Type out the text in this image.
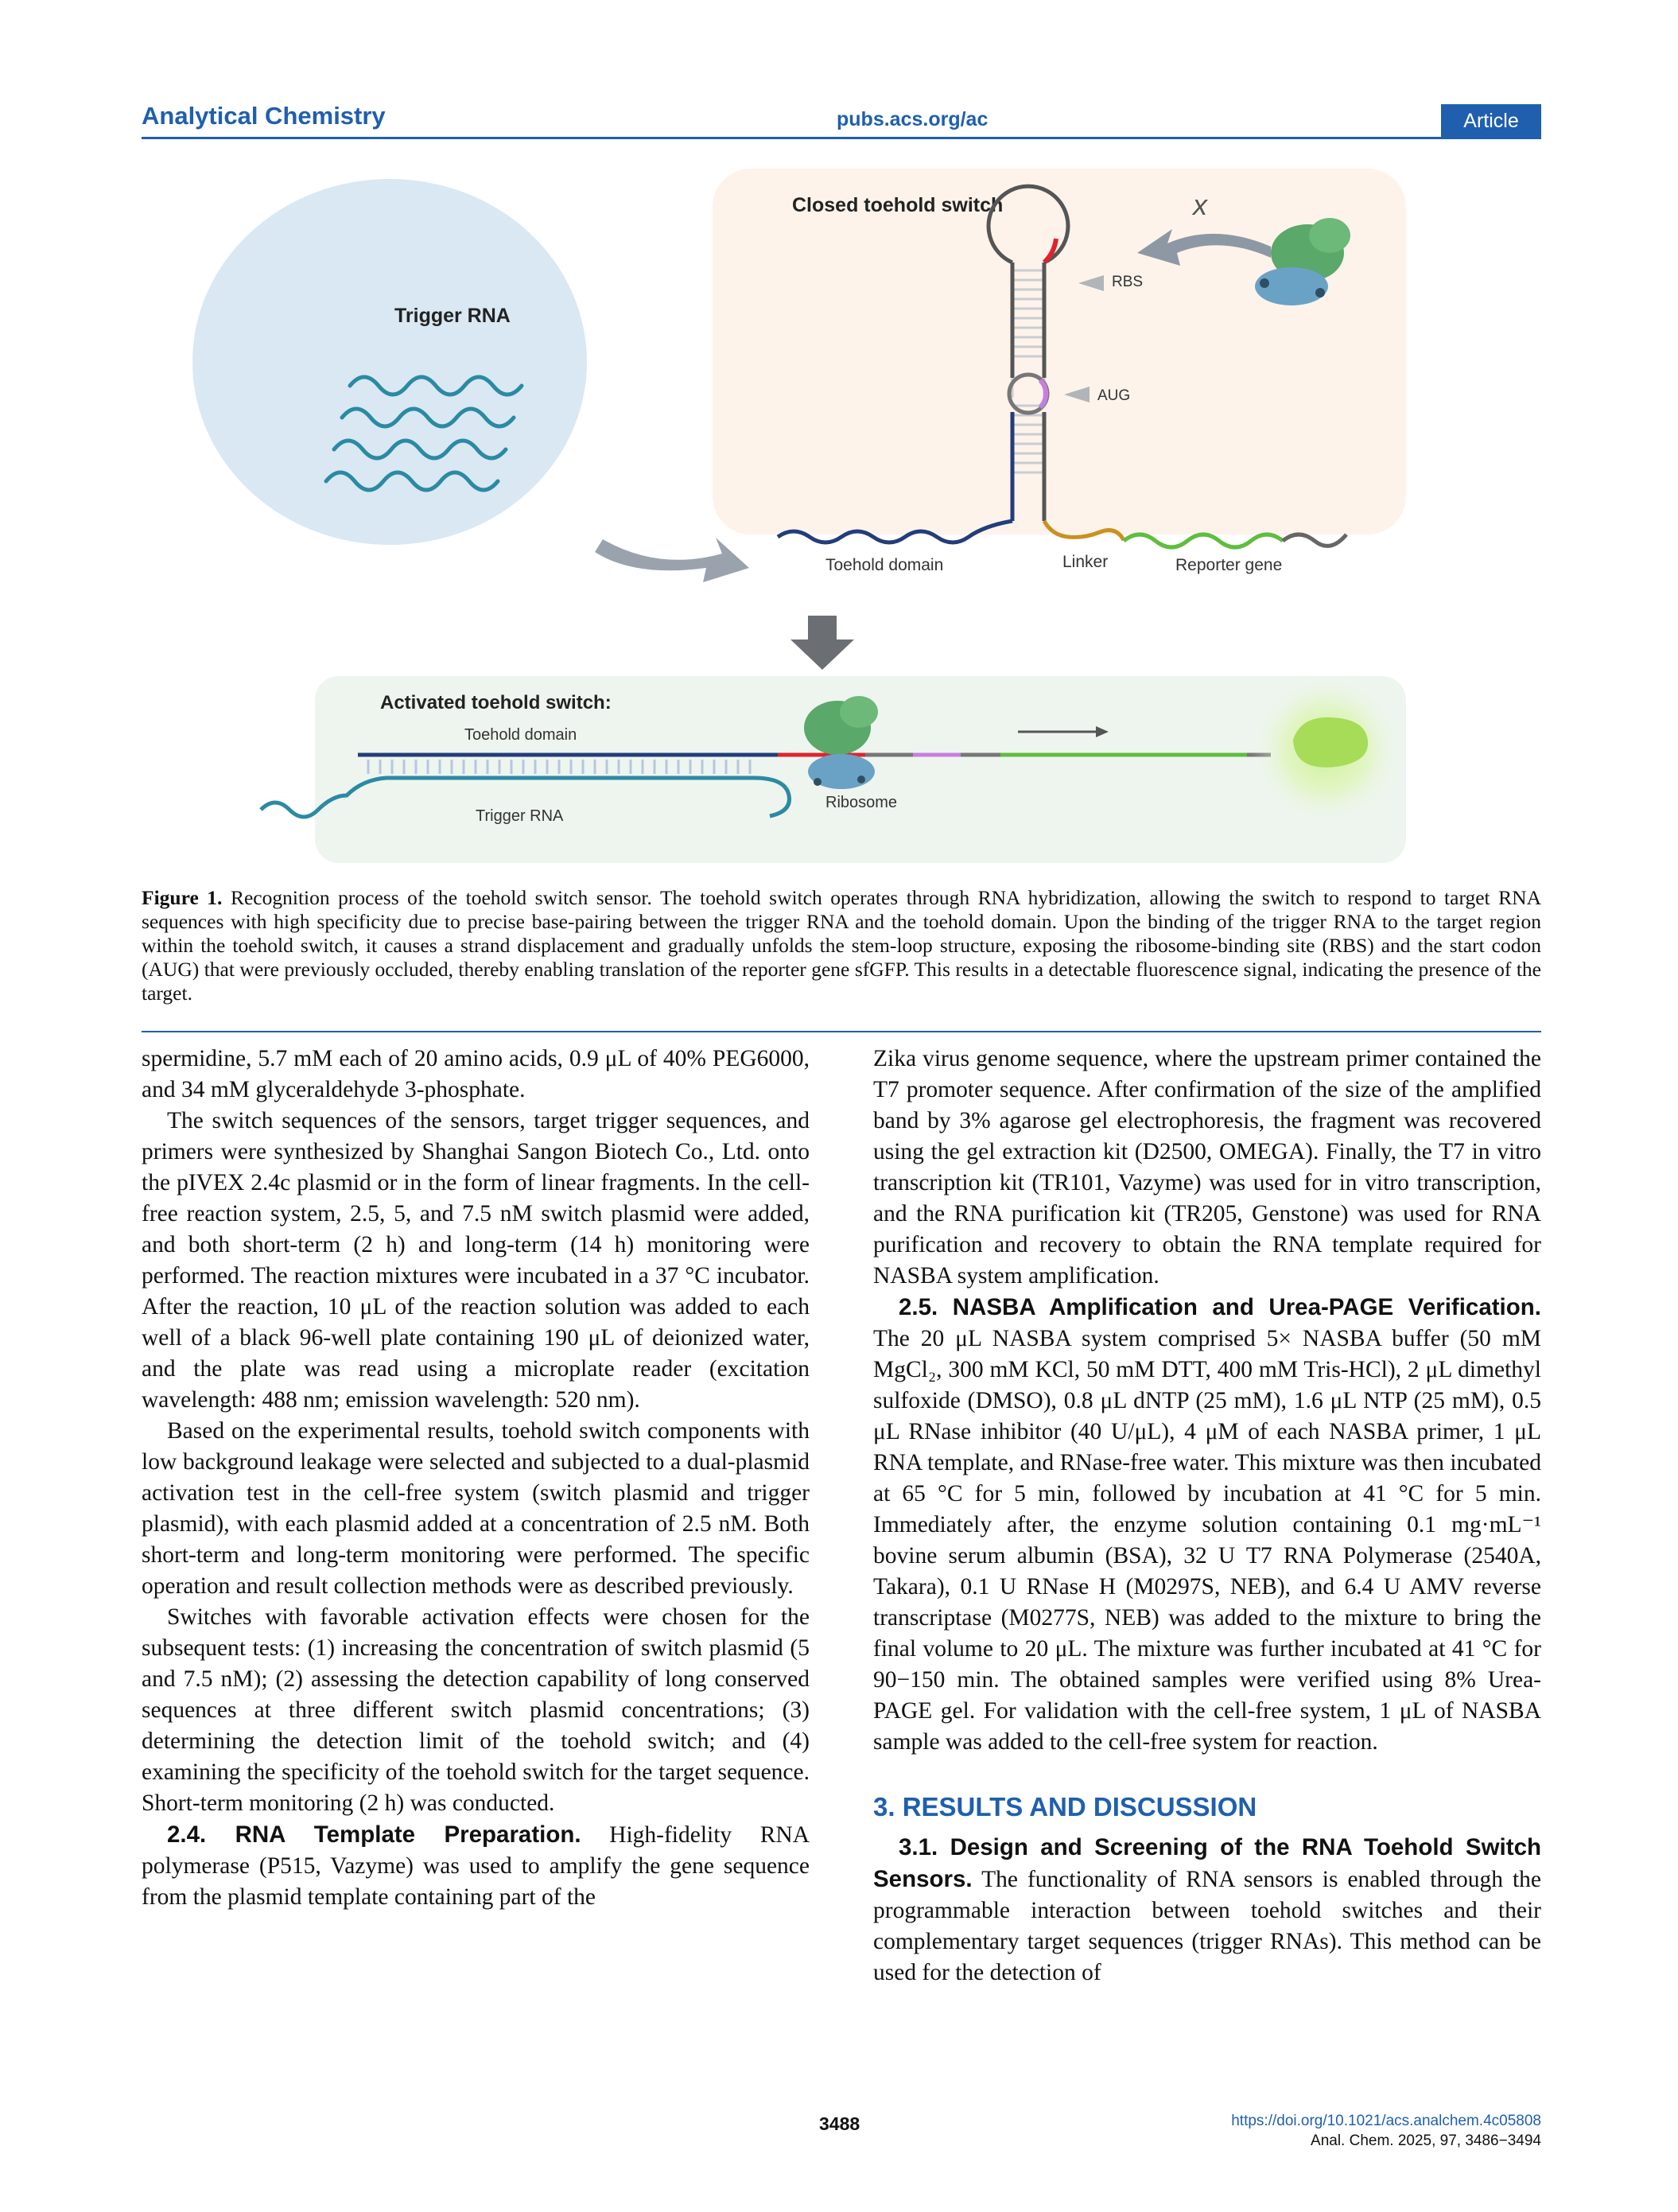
Analytical Chemistry	pubs.acs.org/ac	Article
Trigger RNA
Closed toehold switch
RBS
AUG
x
Toehold domain	Linker	Reporter gene
Activated toehold switch:
Toehold domain
Trigger RNA
Ribosome
Figure 1. Recognition process of the toehold switch sensor. The toehold switch operates through RNA hybridization, allowing the switch to respond to target RNA sequences with high specificity due to precise base-pairing between the trigger RNA and the toehold domain. Upon the binding of the trigger RNA to the target region within the toehold switch, it causes a strand displacement and gradually unfolds the stem-loop structure, exposing the ribosome-binding site (RBS) and the start codon (AUG) that were previously occluded, thereby enabling translation of the reporter gene sfGFP. This results in a detectable fluorescence signal, indicating the presence of the target.

spermidine, 5.7 mM each of 20 amino acids, 0.9 μL of 40% PEG6000, and 34 mM glyceraldehyde 3-phosphate.

The switch sequences of the sensors, target trigger sequences, and primers were synthesized by Shanghai Sangon Biotech Co., Ltd. onto the pIVEX 2.4c plasmid or in the form of linear fragments. In the cell-free reaction system, 2.5, 5, and 7.5 nM switch plasmid were added, and both short-term (2 h) and long-term (14 h) monitoring were performed. The reaction mixtures were incubated in a 37 °C incubator. After the reaction, 10 μL of the reaction solution was added to each well of a black 96-well plate containing 190 μL of deionized water, and the plate was read using a microplate reader (excitation wavelength: 488 nm; emission wavelength: 520 nm).

Based on the experimental results, toehold switch components with low background leakage were selected and subjected to a dual-plasmid activation test in the cell-free system (switch plasmid and trigger plasmid), with each plasmid added at a concentration of 2.5 nM. Both short-term and long-term monitoring were performed. The specific operation and result collection methods were as described previously.

Switches with favorable activation effects were chosen for the subsequent tests: (1) increasing the concentration of switch plasmid (5 and 7.5 nM); (2) assessing the detection capability of long conserved sequences at three different switch plasmid concentrations; (3) determining the detection limit of the toehold switch; and (4) examining the specificity of the toehold switch for the target sequence. Short-term monitoring (2 h) was conducted.

2.4. RNA Template Preparation. High-fidelity RNA polymerase (P515, Vazyme) was used to amplify the gene sequence from the plasmid template containing part of the

Zika virus genome sequence, where the upstream primer contained the T7 promoter sequence. After confirmation of the size of the amplified band by 3% agarose gel electrophoresis, the fragment was recovered using the gel extraction kit (D2500, OMEGA). Finally, the T7 in vitro transcription kit (TR101, Vazyme) was used for in vitro transcription, and the RNA purification kit (TR205, Genstone) was used for RNA purification and recovery to obtain the RNA template required for NASBA system amplification.

2.5. NASBA Amplification and Urea-PAGE Verification. The 20 μL NASBA system comprised 5× NASBA buffer (50 mM MgCl₂, 300 mM KCl, 50 mM DTT, 400 mM Tris-HCl), 2 μL dimethyl sulfoxide (DMSO), 0.8 μL dNTP (25 mM), 1.6 μL NTP (25 mM), 0.5 μL RNase inhibitor (40 U/μL), 4 μM of each NASBA primer, 1 μL RNA template, and RNase-free water. This mixture was then incubated at 65 °C for 5 min, followed by incubation at 41 °C for 5 min. Immediately after, the enzyme solution containing 0.1 mg·mL⁻¹ bovine serum albumin (BSA), 32 U T7 RNA Polymerase (2540A, Takara), 0.1 U RNase H (M0297S, NEB), and 6.4 U AMV reverse transcriptase (M0277S, NEB) was added to the mixture to bring the final volume to 20 μL. The mixture was further incubated at 41 °C for 90−150 min. The obtained samples were verified using 8% Urea-PAGE gel. For validation with the cell-free system, 1 μL of NASBA sample was added to the cell-free system for reaction.

3. RESULTS AND DISCUSSION

3.1. Design and Screening of the RNA Toehold Switch Sensors. The functionality of RNA sensors is enabled through the programmable interaction between toehold switches and their complementary target sequences (trigger RNAs). This method can be used for the detection of

3488	https://doi.org/10.1021/acs.analchem.4c05808
Anal. Chem. 2025, 97, 3486−3494
